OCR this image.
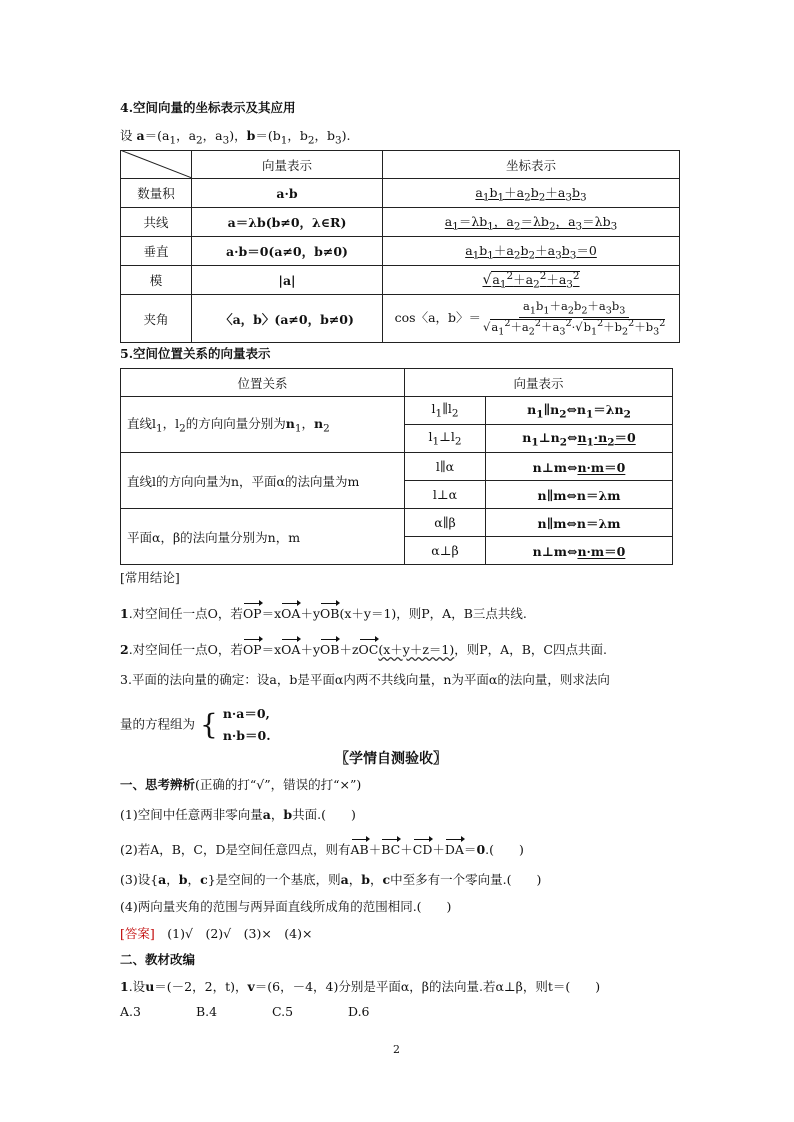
4.空间向量的坐标表示及其应用
设 $a=(a_1$，$a_2$，$a_3$)，$b=(b_1$，$b_2$，$b_3$).
	向量表示	坐标表示
数量积	a·b	$a_1b_1+a_2b_2+a_3b_3$
共线	a＝λb(b≠0，λ∈R)	$a_1=\lambda b_1$，$a_2=\lambda b_2$，$a_3=\lambda b_3$
垂直	a·b＝0(a≠0，b≠0)	$a_1b_1+a_2b_2+a_3b_3=0$
模	|a|	$√a_1^2+a_2^2+a_3^2$
夹角	〈a，b〉(a≠0，b≠0)	cos〈a，b〉＝ $\frac{a_1b_1+a_2b_2+a_3b_3}{√a_1^2+a_2^2+a_3^2\cdot√b_1^2+b_2^2+b_3^2}$
5.空间位置关系的向量表示
位置关系	向量表示	
直线$l_1$，$l_2$的方向向量分别为$n_1$，$n_2$	$l_1\parallel l_2$	$n_1\parallel n_2\Leftrightarrow n_1=\lambda n_2$
	$l_1\perp l_2$	$n_1\perp n_2\Leftrightarrow n_1\cdot n_2=0$
直线l的方向向量为n，平面α的法向量为m	l∥α	n⊥m⇔n·m＝0
	l⊥α	n∥m⇔n＝λm
平面α，β的法向量分别为n，m	α∥β	n∥m⇔n＝λm
	α⊥β	n⊥m⇔n·m＝0
[常用结论]
1.对空间任一点O，若OP＝xOA＋yOB(x＋y＝1)，则P，A，B三点共线.
2.对空间任一点O，若OP＝xOA＋yOB＋zOC(x＋y＋z＝1)，则P，A，B，C四点共面.
3.平面的法向量的确定：设a，b是平面α内两不共线向量，n为平面α的法向量，则求法向
量的方程组为 { n·a＝0,
n·b＝0.
〖学情自测验收〗
一、思考辨析(正确的打“√”，错误的打“×”)
(1)空间中任意两非零向量a，b共面.(　　)
(2)若A，B，C，D是空间任意四点，则有AB＋BC＋CD＋DA＝0.(　　)
(3)设{a，b，c}是空间的一个基底，则a，b，c中至多有一个零向量.(　　)
(4)两向量夹角的范围与两异面直线所成角的范围相同.(　　)
[答案]　 (1)√　(2)√　(3)×　(4)×
二、教材改编
1.设u＝(－2，2，t)，v＝(6，－4，4)分别是平面α，β的法向量.若α⊥β，则t＝(　　)
A.3	B.4	C.5	D.6
2
